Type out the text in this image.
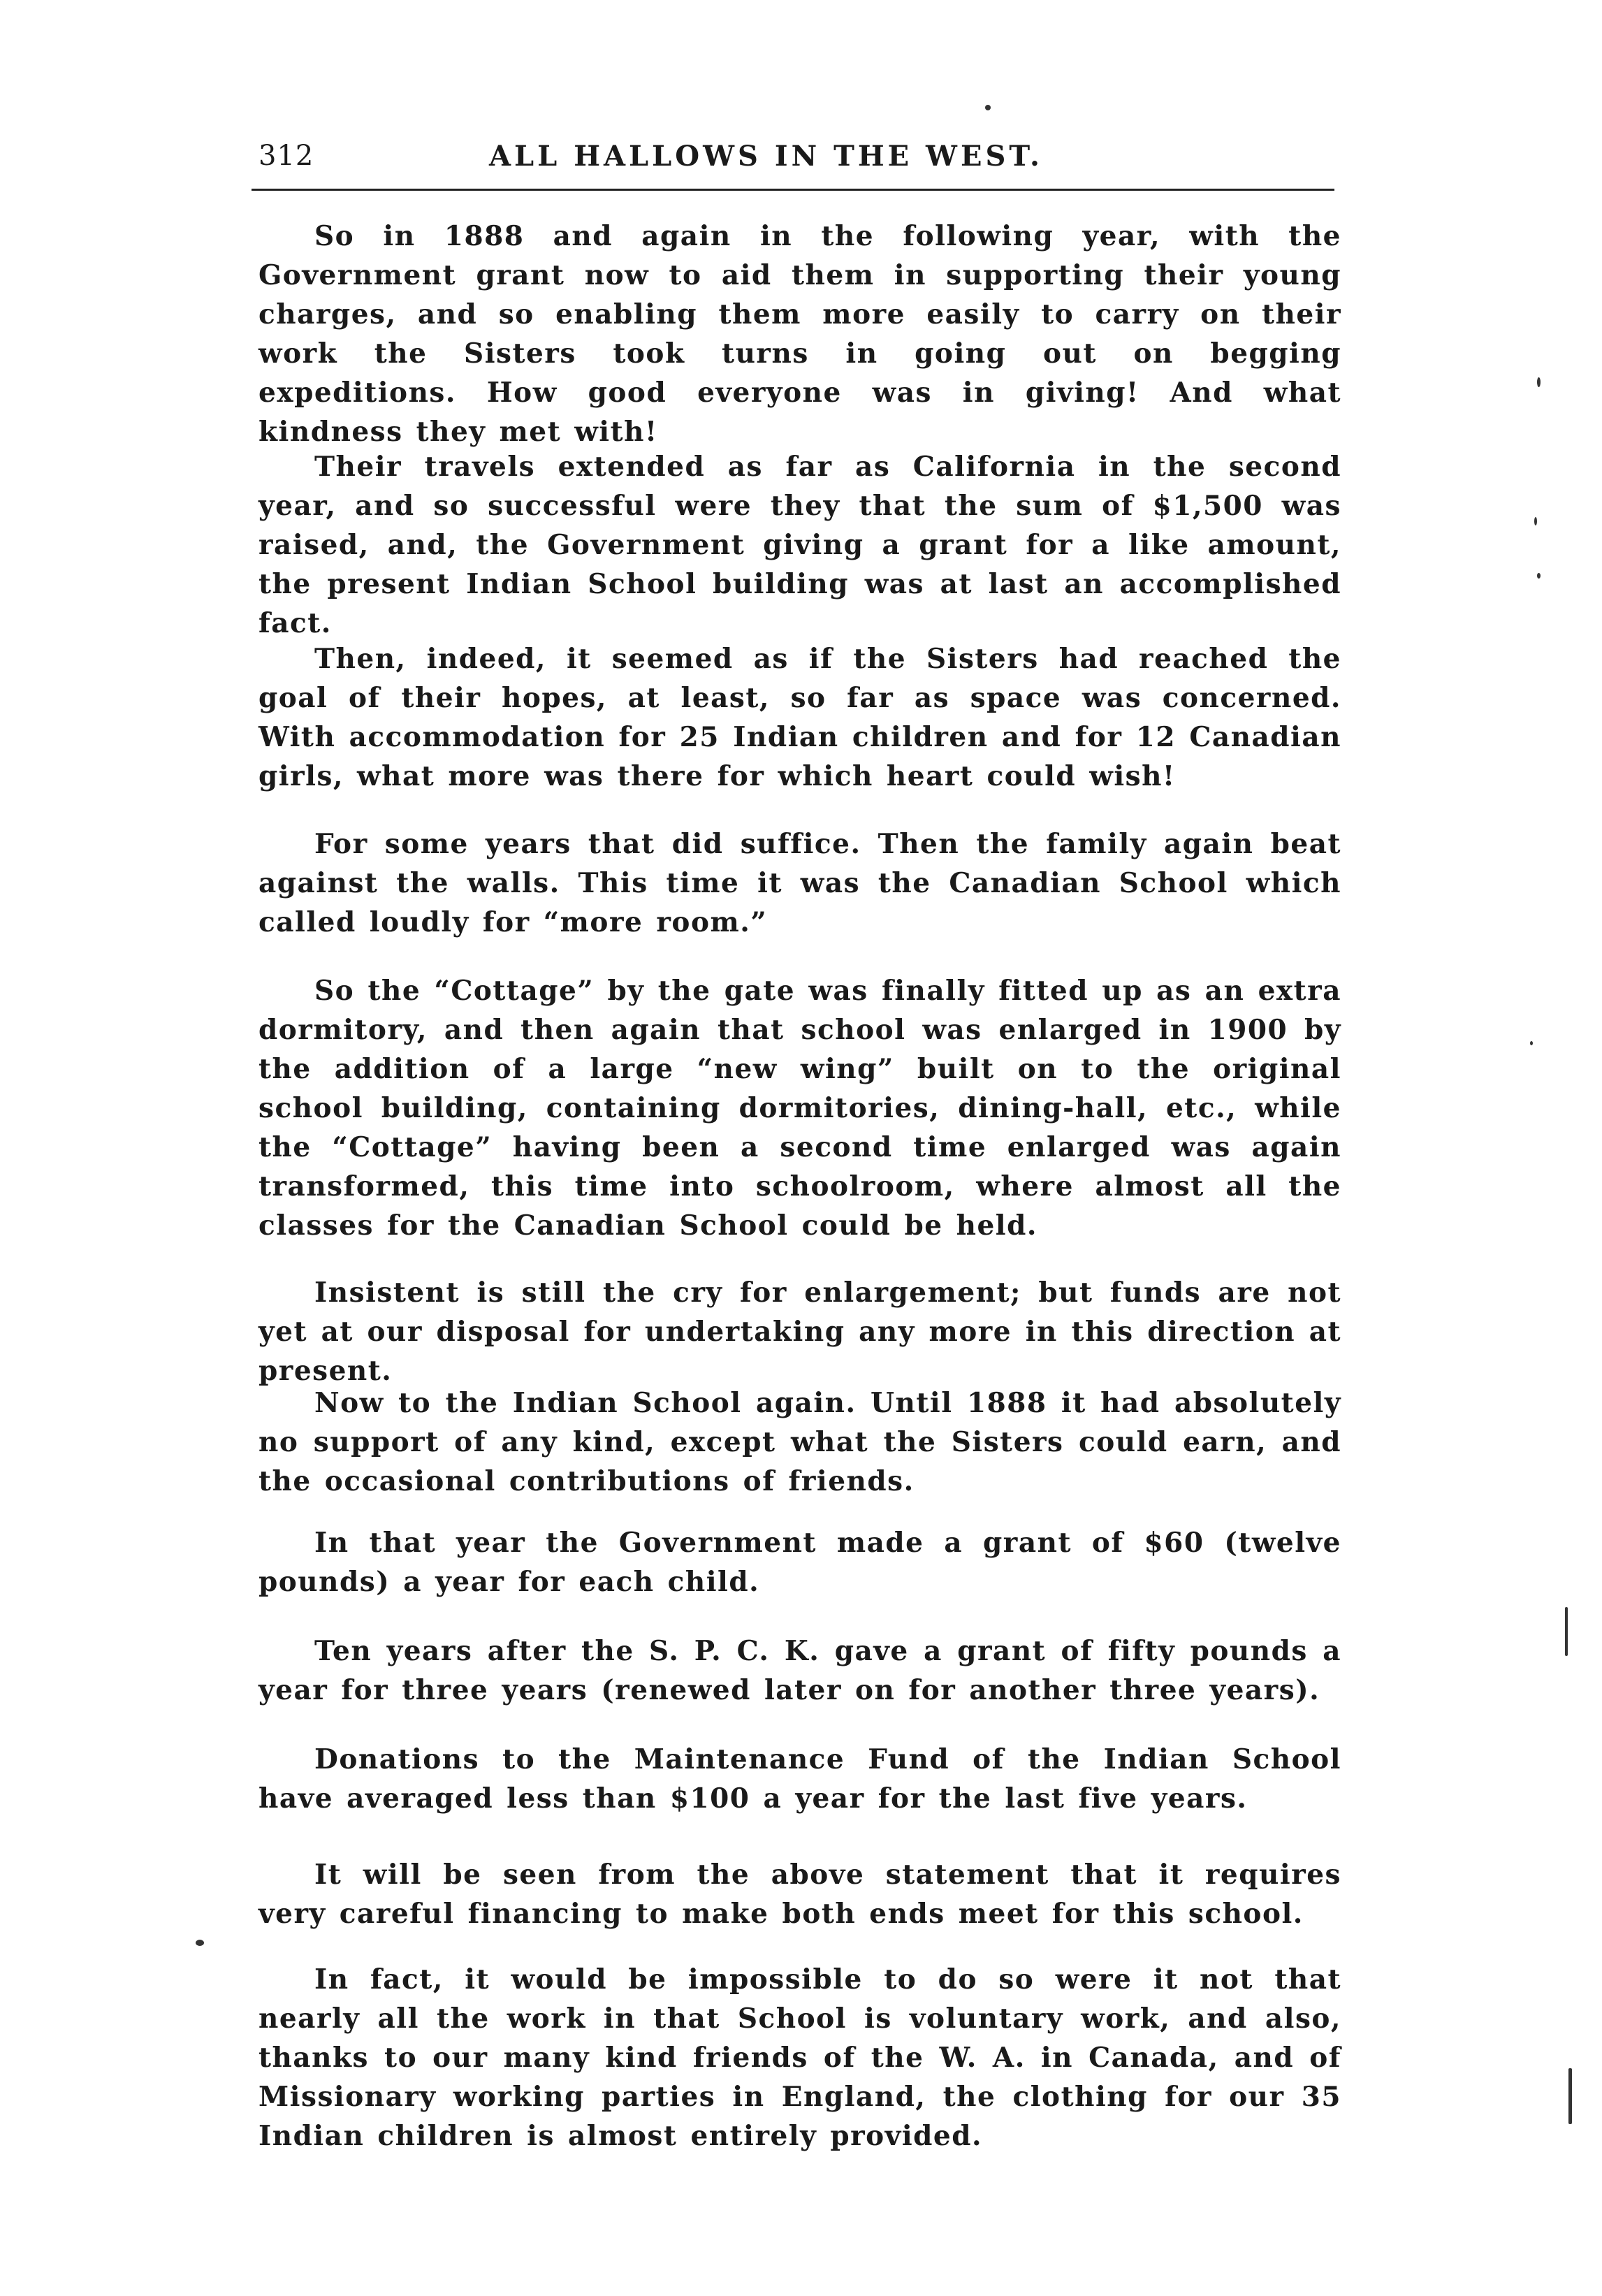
312	ALL HALLOWS IN THE WEST.

So in 1888 and again in the following year, with the Government grant now to aid them in supporting their young charges, and so enabling them more easily to carry on their work the Sisters took turns in going out on begging expeditions. How good everyone was in giving! And what kindness they met with!

Their travels extended as far as California in the second year, and so successful were they that the sum of $1,500 was raised, and, the Government giving a grant for a like amount, the present Indian School building was at last an accomplished fact.

Then, indeed, it seemed as if the Sisters had reached the goal of their hopes, at least, so far as space was concerned. With accommodation for 25 Indian children and for 12 Canadian girls, what more was there for which heart could wish!

For some years that did suffice. Then the family again beat against the walls. This time it was the Canadian School which called loudly for “more room.”

So the “Cottage” by the gate was finally fitted up as an extra dormitory, and then again that school was enlarged in 1900 by the addition of a large “new wing” built on to the original school building, containing dormitories, dining-hall, etc., while the “Cottage” having been a second time enlarged was again transformed, this time into schoolroom, where almost all the classes for the Canadian School could be held.

Insistent is still the cry for enlargement; but funds are not yet at our disposal for undertaking any more in this direction at present.

Now to the Indian School again. Until 1888 it had absolutely no support of any kind, except what the Sisters could earn, and the occasional contributions of friends.

In that year the Government made a grant of $60 (twelve pounds) a year for each child.

Ten years after the S. P. C. K. gave a grant of fifty pounds a year for three years (renewed later on for another three years).

Donations to the Maintenance Fund of the Indian School have averaged less than $100 a year for the last five years.

It will be seen from the above statement that it requires very careful financing to make both ends meet for this school.

In fact, it would be impossible to do so were it not that nearly all the work in that School is voluntary work, and also, thanks to our many kind friends of the W. A. in Canada, and of Missionary working parties in England, the clothing for our 35 Indian children is almost entirely provided.
